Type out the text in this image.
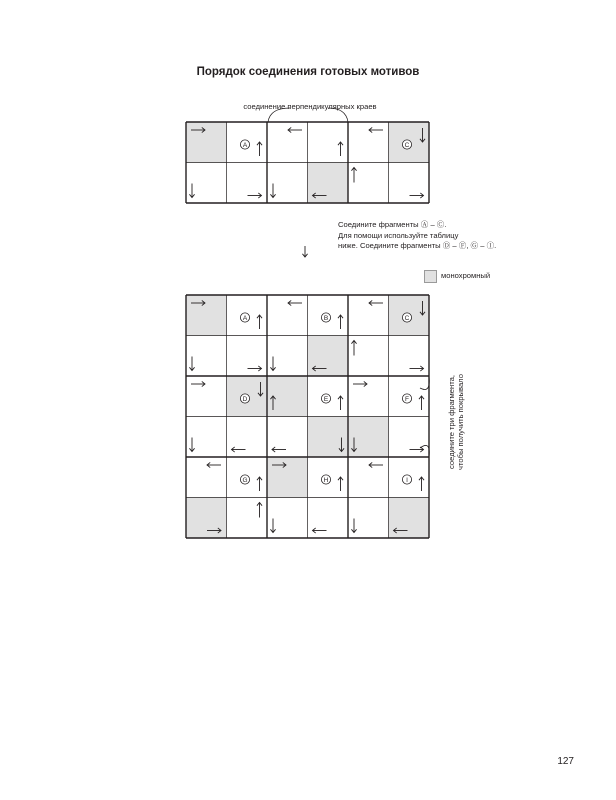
Порядок соединения готовых мотивов
соединение перпендикулярных краев
Соедините фрагменты Ⓐ – Ⓒ.
Для помощи используйте таблицу
ниже. Соедините фрагменты Ⓓ – Ⓕ, Ⓖ – Ⓘ.
монохромный
соедините три фрагмента, чтобы получить покрывало
127
A	C
A	B	C
D	E	F
G	H	I
